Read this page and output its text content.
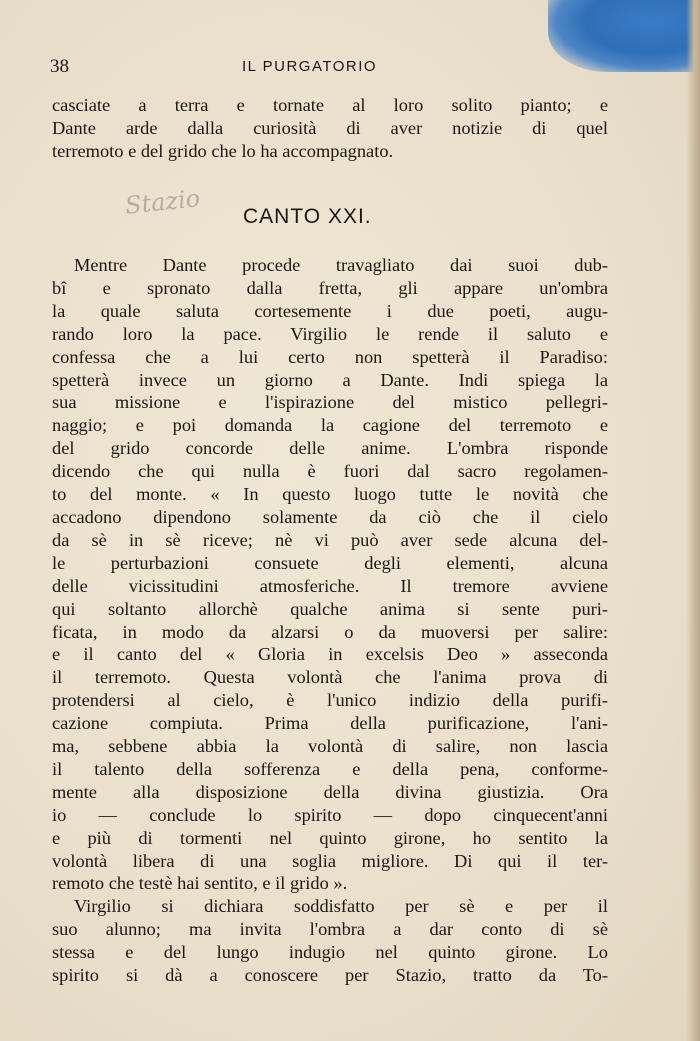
38	IL PURGATORIO
casciate a terra e tornate al loro solito pianto; e
Dante arde dalla curiosità di aver notizie di quel
terremoto e del grido che lo ha accompagnato.
Stazio CANTO XXI.
Mentre Dante procede travagliato dai suoi dub-
bî e spronato dalla fretta, gli appare un'ombra
la quale saluta cortesemente i due poeti, augu-
rando loro la pace. Virgilio le rende il saluto e
confessa che a lui certo non spetterà il Paradiso:
spetterà invece un giorno a Dante. Indi spiega la
sua missione e l'ispirazione del mistico pellegri-
naggio; e poi domanda la cagione del terremoto e
del grido concorde delle anime. L'ombra risponde
dicendo che qui nulla è fuori dal sacro regolamen-
to del monte. « In questo luogo tutte le novità che
accadono dipendono solamente da ciò che il cielo
da sè in sè riceve; nè vi può aver sede alcuna del-
le perturbazioni consuete degli elementi, alcuna
delle vicissitudini atmosferiche. Il tremore avviene
qui soltanto allorchè qualche anima si sente puri-
ficata, in modo da alzarsi o da muoversi per salire:
e il canto del « Gloria in excelsis Deo » asseconda
il terremoto. Questa volontà che l'anima prova di
protendersi al cielo, è l'unico indizio della purifi-
cazione compiuta. Prima della purificazione, l'ani-
ma, sebbene abbia la volontà di salire, non lascia
il talento della sofferenza e della pena, conforme-
mente alla disposizione della divina giustizia. Ora
io — conclude lo spirito — dopo cinquecent'anni
e più di tormenti nel quinto girone, ho sentito la
volontà libera di una soglia migliore. Di qui il ter-
remoto che testè hai sentito, e il grido ».
Virgilio si dichiara soddisfatto per sè e per il
suo alunno; ma invita l'ombra a dar conto di sè
stessa e del lungo indugio nel quinto girone. Lo
spirito si dà a conoscere per Stazio, tratto da To-
